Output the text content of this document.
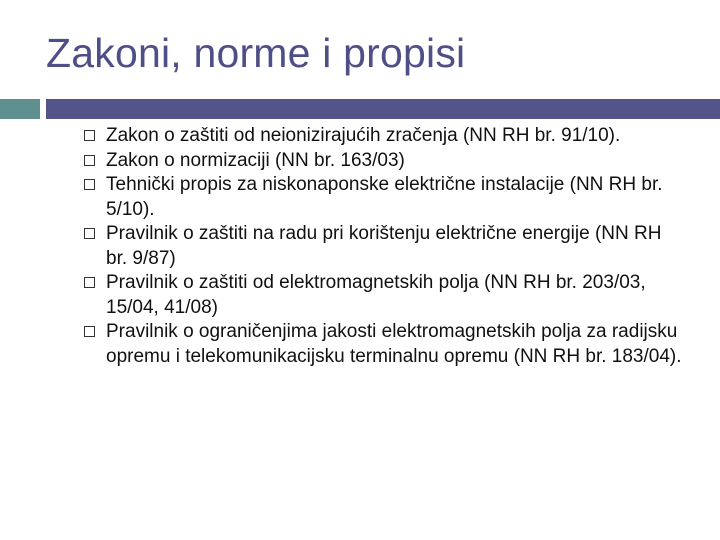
Zakoni, norme i propisi
Zakon o zaštiti od neionizirajućih zračenja (NN RH br. 91/10).
Zakon o normizaciji (NN br. 163/03)
Tehnički propis za niskonaponske električne instalacije (NN RH br. 5/10).
Pravilnik o zaštiti na radu pri korištenju električne energije (NN RH br. 9/87)
Pravilnik o zaštiti od elektromagnetskih polja (NN RH br. 203/03, 15/04, 41/08)
Pravilnik o ograničenjima jakosti elektromagnetskih polja za radijsku opremu i telekomunikacijsku terminalnu opremu (NN RH br. 183/04).
